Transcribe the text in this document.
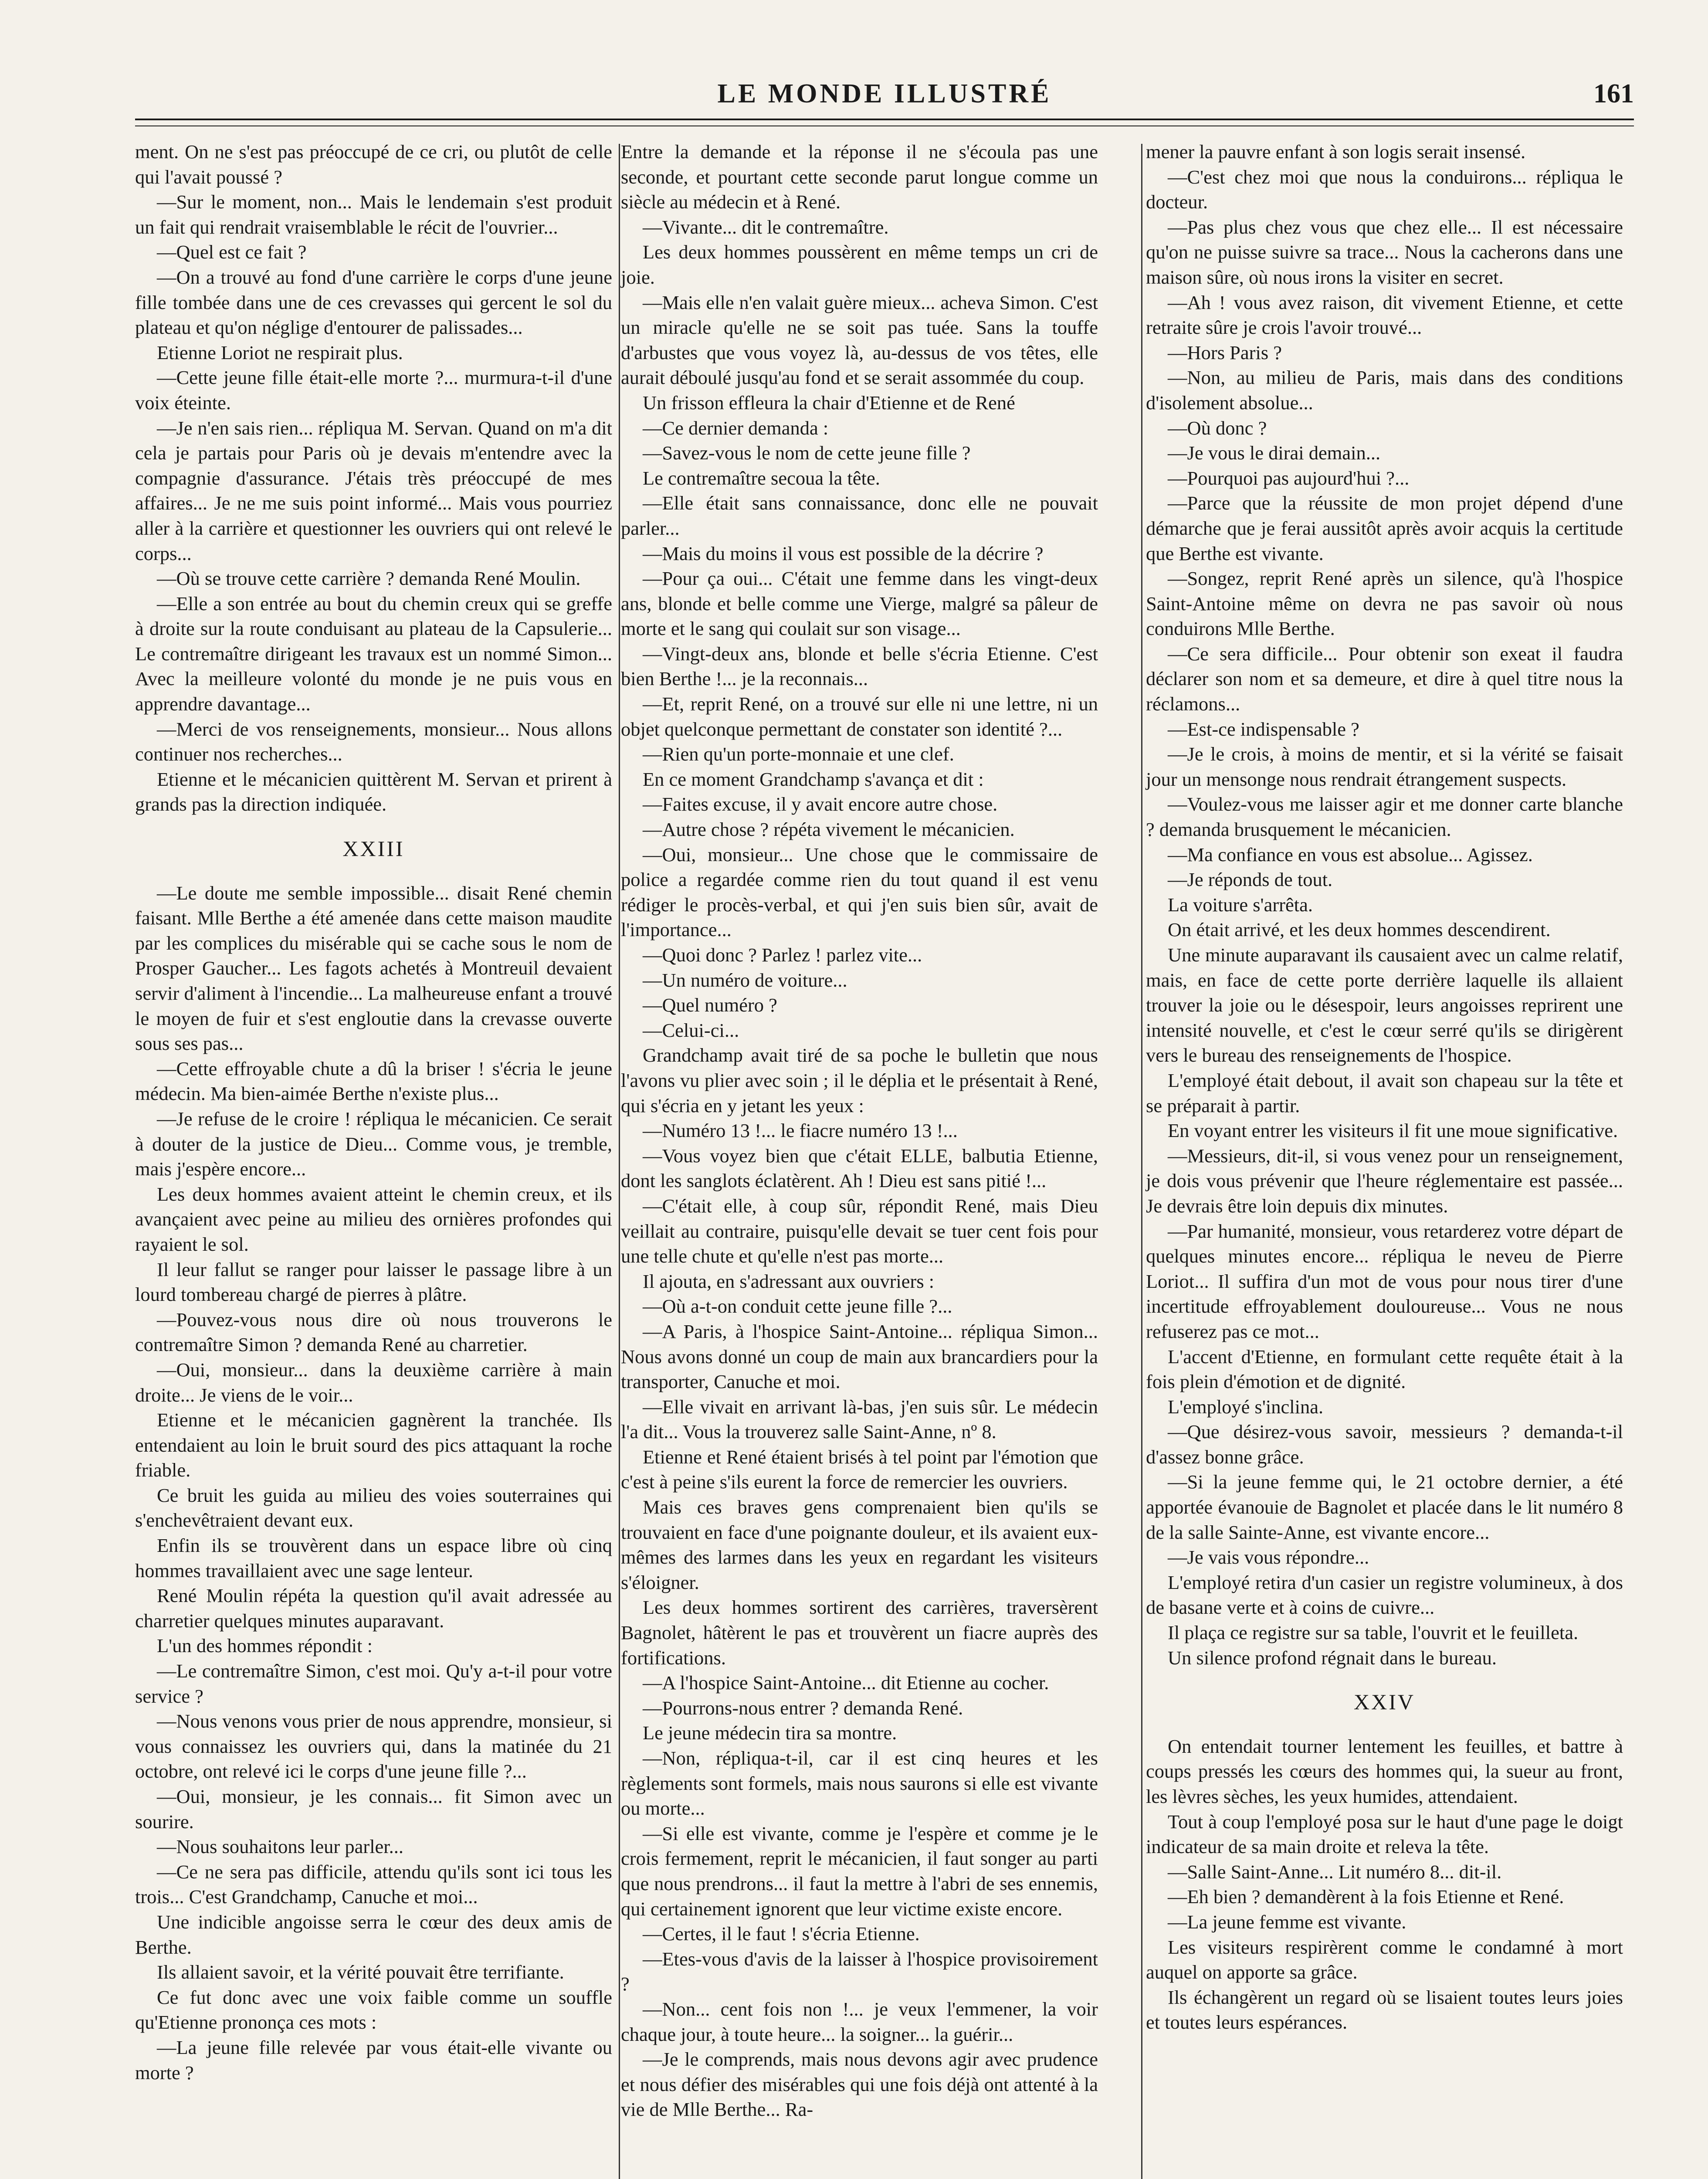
LE MONDE ILLUSTRÉ	161

ment. On ne s'est pas préoccupé de ce cri, ou plutôt de celle qui l'avait poussé ?

—Sur le moment, non... Mais le lendemain s'est produit un fait qui rendrait vraisemblable le récit de l'ouvrier...

—Quel est ce fait ?

—On a trouvé au fond d'une carrière le corps d'une jeune fille tombée dans une de ces crevasses qui gercent le sol du plateau et qu'on néglige d'entourer de palissades...

Etienne Loriot ne respirait plus.

—Cette jeune fille était-elle morte ?... murmura-t-il d'une voix éteinte.

—Je n'en sais rien... répliqua M. Servan. Quand on m'a dit cela je partais pour Paris où je devais m'entendre avec la compagnie d'assurance. J'étais très préoccupé de mes affaires... Je ne me suis point informé... Mais vous pourriez aller à la carrière et questionner les ouvriers qui ont relevé le corps...

—Où se trouve cette carrière ? demanda René Moulin.

—Elle a son entrée au bout du chemin creux qui se greffe à droite sur la route conduisant au plateau de la Capsulerie... Le contremaître dirigeant les travaux est un nommé Simon... Avec la meilleure volonté du monde je ne puis vous en apprendre davantage...

—Merci de vos renseignements, monsieur... Nous allons continuer nos recherches...

Etienne et le mécanicien quittèrent M. Servan et prirent à grands pas la direction indiquée.

XXIII

—Le doute me semble impossible... disait René chemin faisant. Mlle Berthe a été amenée dans cette maison maudite par les complices du misérable qui se cache sous le nom de Prosper Gaucher... Les fagots achetés à Montreuil devaient servir d'aliment à l'incendie... La malheureuse enfant a trouvé le moyen de fuir et s'est engloutie dans la crevasse ouverte sous ses pas...

—Cette effroyable chute a dû la briser ! s'écria le jeune médecin. Ma bien-aimée Berthe n'existe plus...

—Je refuse de le croire ! répliqua le mécanicien. Ce serait à douter de la justice de Dieu... Comme vous, je tremble, mais j'espère encore...

Les deux hommes avaient atteint le chemin creux, et ils avançaient avec peine au milieu des ornières profondes qui rayaient le sol.

Il leur fallut se ranger pour laisser le passage libre à un lourd tombereau chargé de pierres à plâtre.

—Pouvez-vous nous dire où nous trouverons le contremaître Simon ? demanda René au charretier.

—Oui, monsieur... dans la deuxième carrière à main droite... Je viens de le voir...

Etienne et le mécanicien gagnèrent la tranchée. Ils entendaient au loin le bruit sourd des pics attaquant la roche friable.

Ce bruit les guida au milieu des voies souterraines qui s'enchevêtraient devant eux.

Enfin ils se trouvèrent dans un espace libre où cinq hommes travaillaient avec une sage lenteur.

René Moulin répéta la question qu'il avait adressée au charretier quelques minutes auparavant.

L'un des hommes répondit :

—Le contremaître Simon, c'est moi. Qu'y a-t-il pour votre service ?

—Nous venons vous prier de nous apprendre, monsieur, si vous connaissez les ouvriers qui, dans la matinée du 21 octobre, ont relevé ici le corps d'une jeune fille ?...

—Oui, monsieur, je les connais... fit Simon avec un sourire.

—Nous souhaitons leur parler...

—Ce ne sera pas difficile, attendu qu'ils sont ici tous les trois... C'est Grandchamp, Canuche et moi...

Une indicible angoisse serra le cœur des deux amis de Berthe.

Ils allaient savoir, et la vérité pouvait être terrifiante.

Ce fut donc avec une voix faible comme un souffle qu'Etienne prononça ces mots :

—La jeune fille relevée par vous était-elle vivante ou morte ?

Entre la demande et la réponse il ne s'écoula pas une seconde, et pourtant cette seconde parut longue comme un siècle au médecin et à René.

—Vivante... dit le contremaître.

Les deux hommes poussèrent en même temps un cri de joie.

—Mais elle n'en valait guère mieux... acheva Simon. C'est un miracle qu'elle ne se soit pas tuée. Sans la touffe d'arbustes que vous voyez là, au-dessus de vos têtes, elle aurait déboulé jusqu'au fond et se serait assommée du coup.

Un frisson effleura la chair d'Etienne et de René

—Ce dernier demanda :

—Savez-vous le nom de cette jeune fille ?

Le contremaître secoua la tête.

—Elle était sans connaissance, donc elle ne pouvait parler...

—Mais du moins il vous est possible de la décrire ?

—Pour ça oui... C'était une femme dans les vingt-deux ans, blonde et belle comme une Vierge, malgré sa pâleur de morte et le sang qui coulait sur son visage...

—Vingt-deux ans, blonde et belle s'écria Etienne. C'est bien Berthe !... je la reconnais...

—Et, reprit René, on a trouvé sur elle ni une lettre, ni un objet quelconque permettant de constater son identité ?...

—Rien qu'un porte-monnaie et une clef.

En ce moment Grandchamp s'avança et dit :

—Faites excuse, il y avait encore autre chose.

—Autre chose ? répéta vivement le mécanicien.

—Oui, monsieur... Une chose que le commissaire de police a regardée comme rien du tout quand il est venu rédiger le procès-verbal, et qui j'en suis bien sûr, avait de l'importance...

—Quoi donc ? Parlez ! parlez vite...

—Un numéro de voiture...

—Quel numéro ?

—Celui-ci...

Grandchamp avait tiré de sa poche le bulletin que nous l'avons vu plier avec soin ; il le déplia et le présentait à René, qui s'écria en y jetant les yeux :

—Numéro 13 !... le fiacre numéro 13 !...

—Vous voyez bien que c'était ELLE, balbutia Etienne, dont les sanglots éclatèrent. Ah ! Dieu est sans pitié !...

—C'était elle, à coup sûr, répondit René, mais Dieu veillait au contraire, puisqu'elle devait se tuer cent fois pour une telle chute et qu'elle n'est pas morte...

Il ajouta, en s'adressant aux ouvriers :

—Où a-t-on conduit cette jeune fille ?...

—A Paris, à l'hospice Saint-Antoine... répliqua Simon... Nous avons donné un coup de main aux brancardiers pour la transporter, Canuche et moi.

—Elle vivait en arrivant là-bas, j'en suis sûr. Le médecin l'a dit... Vous la trouverez salle Saint-Anne, nº 8.

Etienne et René étaient brisés à tel point par l'émotion que c'est à peine s'ils eurent la force de remercier les ouvriers.

Mais ces braves gens comprenaient bien qu'ils se trouvaient en face d'une poignante douleur, et ils avaient eux-mêmes des larmes dans les yeux en regardant les visiteurs s'éloigner.

Les deux hommes sortirent des carrières, traversèrent Bagnolet, hâtèrent le pas et trouvèrent un fiacre auprès des fortifications.

—A l'hospice Saint-Antoine... dit Etienne au cocher.

—Pourrons-nous entrer ? demanda René.

Le jeune médecin tira sa montre.

—Non, répliqua-t-il, car il est cinq heures et les règlements sont formels, mais nous saurons si elle est vivante ou morte...

—Si elle est vivante, comme je l'espère et comme je le crois fermement, reprit le mécanicien, il faut songer au parti que nous prendrons... il faut la mettre à l'abri de ses ennemis, qui certainement ignorent que leur victime existe encore.

—Certes, il le faut ! s'écria Etienne.

—Etes-vous d'avis de la laisser à l'hospice provisoirement ?

—Non... cent fois non !... je veux l'emmener, la voir chaque jour, à toute heure... la soigner... la guérir...

—Je le comprends, mais nous devons agir avec prudence et nous défier des misérables qui une fois déjà ont attenté à la vie de Mlle Berthe... Ra-

mener la pauvre enfant à son logis serait insensé.

—C'est chez moi que nous la conduirons... répliqua le docteur.

—Pas plus chez vous que chez elle... Il est nécessaire qu'on ne puisse suivre sa trace... Nous la cacherons dans une maison sûre, où nous irons la visiter en secret.

—Ah ! vous avez raison, dit vivement Etienne, et cette retraite sûre je crois l'avoir trouvé...

—Hors Paris ?

—Non, au milieu de Paris, mais dans des conditions d'isolement absolue...

—Où donc ?

—Je vous le dirai demain...

—Pourquoi pas aujourd'hui ?...

—Parce que la réussite de mon projet dépend d'une démarche que je ferai aussitôt après avoir acquis la certitude que Berthe est vivante.

—Songez, reprit René après un silence, qu'à l'hospice Saint-Antoine même on devra ne pas savoir où nous conduirons Mlle Berthe.

—Ce sera difficile... Pour obtenir son exeat il faudra déclarer son nom et sa demeure, et dire à quel titre nous la réclamons...

—Est-ce indispensable ?

—Je le crois, à moins de mentir, et si la vérité se faisait jour un mensonge nous rendrait étrangement suspects.

—Voulez-vous me laisser agir et me donner carte blanche ? demanda brusquement le mécanicien.

—Ma confiance en vous est absolue... Agissez.

—Je réponds de tout.

La voiture s'arrêta.

On était arrivé, et les deux hommes descendirent.

Une minute auparavant ils causaient avec un calme relatif, mais, en face de cette porte derrière laquelle ils allaient trouver la joie ou le désespoir, leurs angoisses reprirent une intensité nouvelle, et c'est le cœur serré qu'ils se dirigèrent vers le bureau des renseignements de l'hospice.

L'employé était debout, il avait son chapeau sur la tête et se préparait à partir.

En voyant entrer les visiteurs il fit une moue significative.

—Messieurs, dit-il, si vous venez pour un renseignement, je dois vous prévenir que l'heure réglementaire est passée... Je devrais être loin depuis dix minutes.

—Par humanité, monsieur, vous retarderez votre départ de quelques minutes encore... répliqua le neveu de Pierre Loriot... Il suffira d'un mot de vous pour nous tirer d'une incertitude effroyablement douloureuse... Vous ne nous refuserez pas ce mot...

L'accent d'Etienne, en formulant cette requête était à la fois plein d'émotion et de dignité.

L'employé s'inclina.

—Que désirez-vous savoir, messieurs ? demanda-t-il d'assez bonne grâce.

—Si la jeune femme qui, le 21 octobre dernier, a été apportée évanouie de Bagnolet et placée dans le lit numéro 8 de la salle Sainte-Anne, est vivante encore...

—Je vais vous répondre...

L'employé retira d'un casier un registre volumineux, à dos de basane verte et à coins de cuivre...

Il plaça ce registre sur sa table, l'ouvrit et le feuilleta.

Un silence profond régnait dans le bureau.

XXIV

On entendait tourner lentement les feuilles, et battre à coups pressés les cœurs des hommes qui, la sueur au front, les lèvres sèches, les yeux humides, attendaient.

Tout à coup l'employé posa sur le haut d'une page le doigt indicateur de sa main droite et releva la tête.

—Salle Saint-Anne... Lit numéro 8... dit-il.

—Eh bien ? demandèrent à la fois Etienne et René.

—La jeune femme est vivante.

Les visiteurs respirèrent comme le condamné à mort auquel on apporte sa grâce.

Ils échangèrent un regard où se lisaient toutes leurs joies et toutes leurs espérances.
